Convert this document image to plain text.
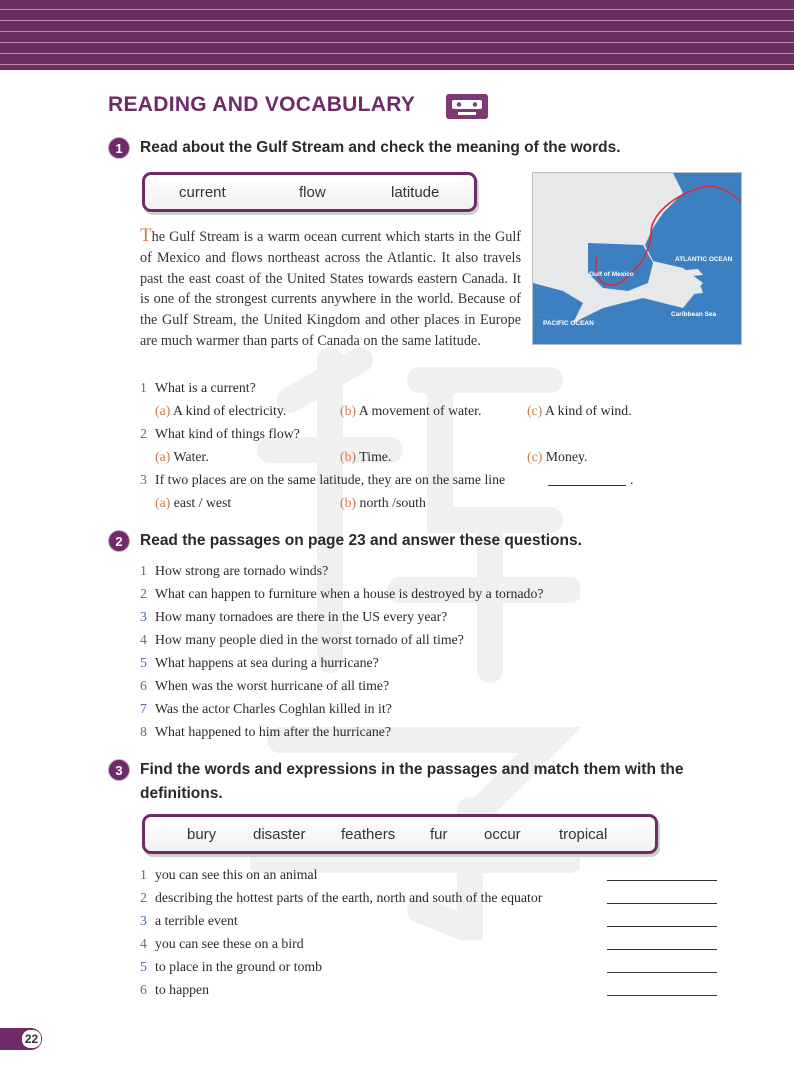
READING AND VOCABULARY
1	Read about the Gulf Stream and check the meaning of the words.
current	flow	latitude
The Gulf Stream is a warm ocean current which starts in the Gulf of Mexico and flows northeast across the Atlantic. It also travels past the east coast of the United States towards eastern Canada. It is one of the strongest currents anywhere in the world. Because of the Gulf Stream, the United Kingdom and other places in Europe are much warmer than parts of Canada on the same latitude.
ATLANTIC OCEAN
Gulf of Mexico
Caribbean Sea
PACIFIC OCEAN
1 What is a current?
(a) A kind of electricity.	(b) A movement of water.	(c) A kind of wind.
2 What kind of things flow?
(a) Water.	(b) Time.	(c) Money.
3 If two places are on the same latitude, they are on the same line	.
(a) east / west	(b) north /south
2	Read the passages on page 23 and answer these questions.
1 How strong are tornado winds?
2 What can happen to furniture when a house is destroyed by a tornado?
3 How many tornadoes are there in the US every year?
4 How many people died in the worst tornado of all time?
5 What happens at sea during a hurricane?
6 When was the worst hurricane of all time?
7 Was the actor Charles Coghlan killed in it?
8 What happened to him after the hurricane?
3	Find the words and expressions in the passages and match them with the
definitions.
bury disaster feathers fur occur	tropical
1 you can see this on an animal
2 describing the hottest parts of the earth, north and south of the equator
3 a terrible event
4 you can see these on a bird
5 to place in the ground or tomb
6 to happen
22
